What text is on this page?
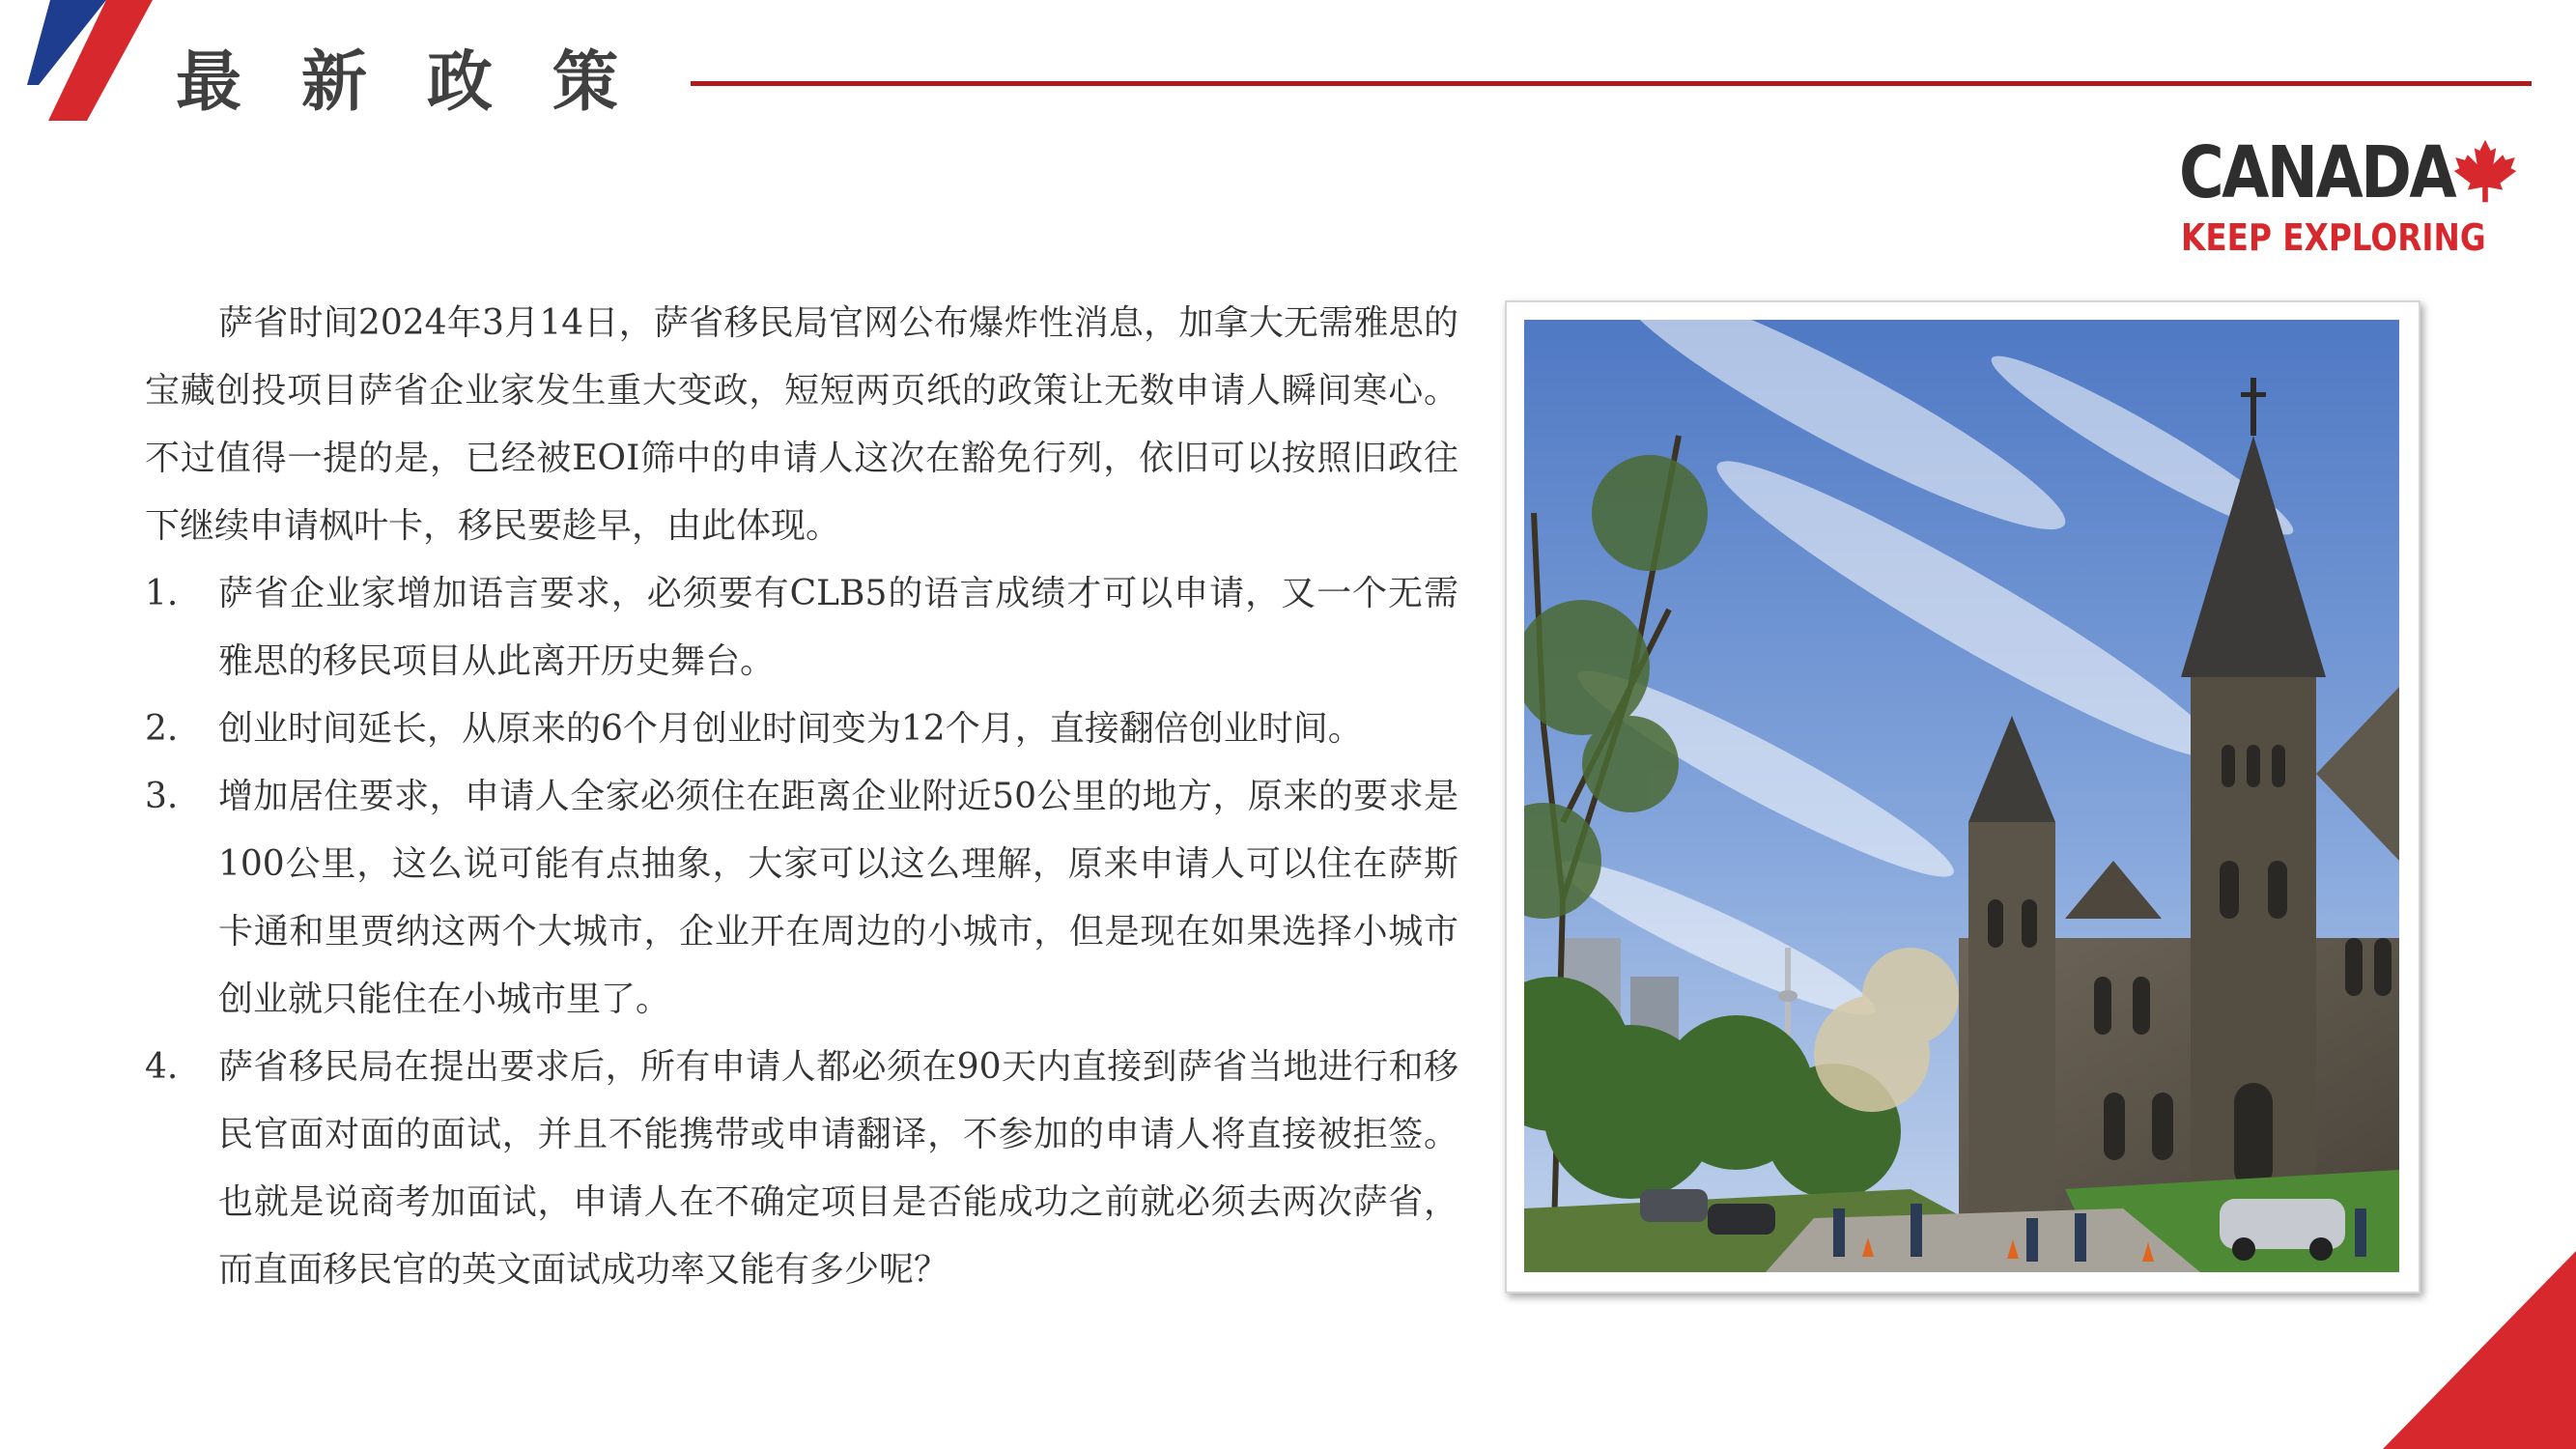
最新政策
CANADA
KEEP EXPLORING

萨省时间2024年3月14日，萨省移民局官网公布爆炸性消息，加拿大无需雅思的宝藏创投项目萨省企业家发生重大变政，短短两页纸的政策让无数申请人瞬间寒心。不过值得一提的是，已经被EOI筛中的申请人这次在豁免行列，依旧可以按照旧政往下继续申请枫叶卡，移民要趁早，由此体现。

1. 萨省企业家增加语言要求，必须要有CLB5的语言成绩才可以申请，又一个无需雅思的移民项目从此离开历史舞台。
2. 创业时间延长，从原来的6个月创业时间变为12个月，直接翻倍创业时间。
3. 增加居住要求，申请人全家必须住在距离企业附近50公里的地方，原来的要求是100公里，这么说可能有点抽象，大家可以这么理解，原来申请人可以住在萨斯卡通和里贾纳这两个大城市，企业开在周边的小城市，但是现在如果选择小城市创业就只能住在小城市里了。
4. 萨省移民局在提出要求后，所有申请人都必须在90天内直接到萨省当地进行和移民官面对面的面试，并且不能携带或申请翻译，不参加的申请人将直接被拒签。也就是说商考加面试，申请人在不确定项目是否能成功之前就必须去两次萨省，而直面移民官的英文面试成功率又能有多少呢？
